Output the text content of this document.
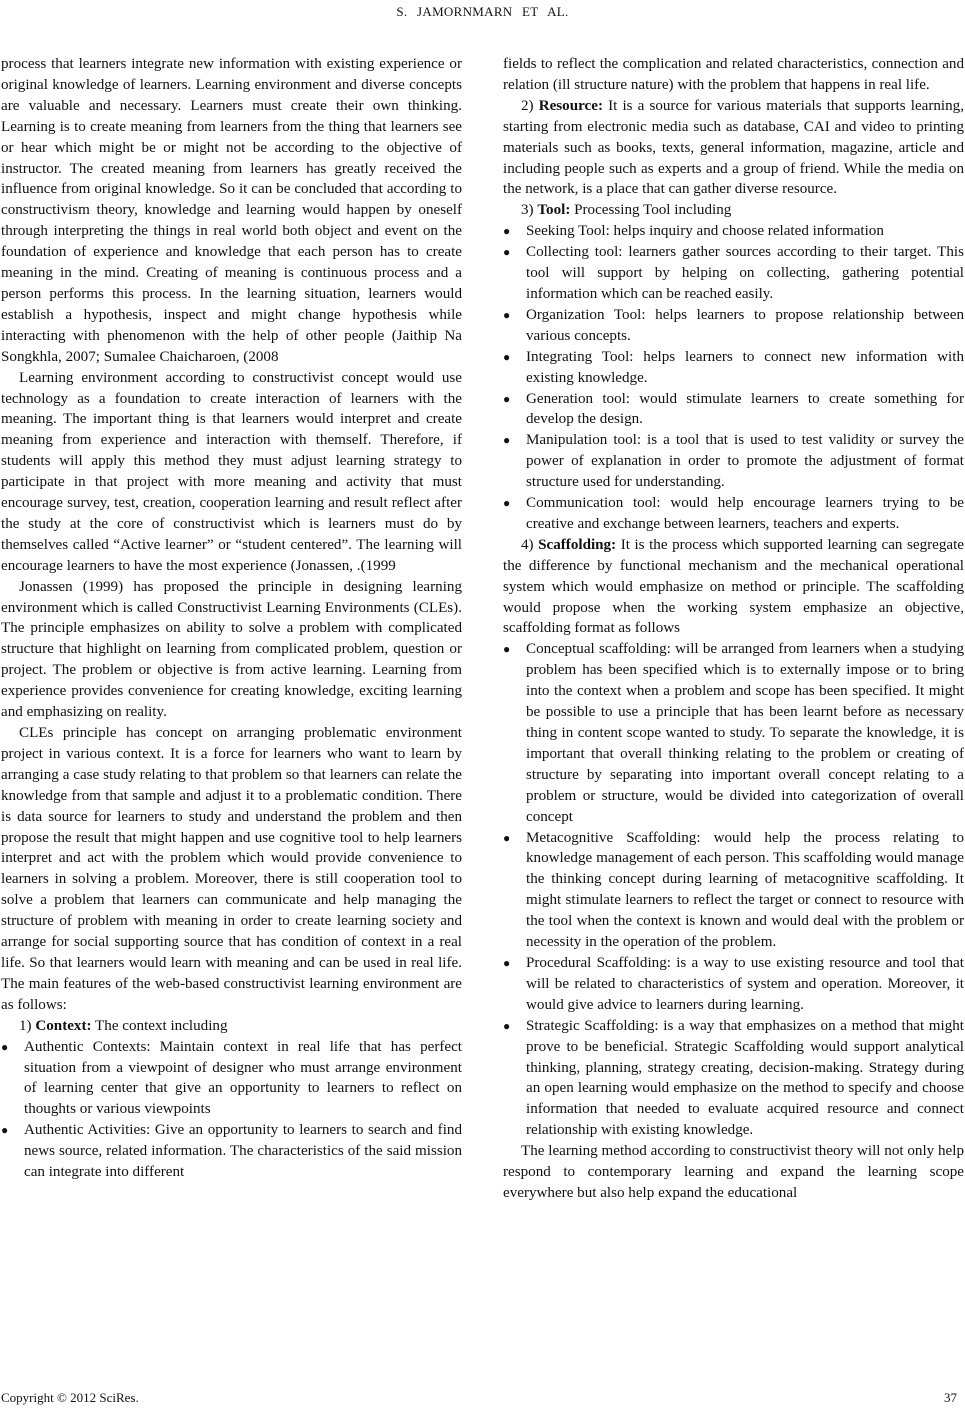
S. JAMORNMARN ET AL.

process that learners integrate new information with existing experience or original knowledge of learners. Learning environment and diverse concepts are valuable and necessary. Learners must create their own thinking. Learning is to create meaning from learners from the thing that learners see or hear which might be or might not be according to the objective of instructor. The created meaning from learners has greatly received the influence from original knowledge. So it can be concluded that according to constructivism theory, knowledge and learning would happen by oneself through interpreting the things in real world both object and event on the foundation of experience and knowledge that each person has to create meaning in the mind. Creating of meaning is continuous process and a person performs this process. In the learning situation, learners would establish a hypothesis, inspect and might change hypothesis while interacting with phenomenon with the help of other people (Jaithip Na Songkhla, 2007; Sumalee Chaicharoen, (2008

Learning environment according to constructivist concept would use technology as a foundation to create interaction of learners with the meaning. The important thing is that learners would interpret and create meaning from experience and interaction with themself. Therefore, if students will apply this method they must adjust learning strategy to participate in that project with more meaning and activity that must encourage survey, test, creation, cooperation learning and result reflect after the study at the core of constructivist which is learners must do by themselves called “Active learner” or “student centered”. The learning will encourage learners to have the most experience (Jonassen, .(1999

Jonassen (1999) has proposed the principle in designing learning environment which is called Constructivist Learning Environments (CLEs). The principle emphasizes on ability to solve a problem with complicated structure that highlight on learning from complicated problem, question or project. The problem or objective is from active learning. Learning from experience provides convenience for creating knowledge, exciting learning and emphasizing on reality.

CLEs principle has concept on arranging problematic environment project in various context. It is a force for learners who want to learn by arranging a case study relating to that problem so that learners can relate the knowledge from that sample and adjust it to a problematic condition. There is data source for learners to study and understand the problem and then propose the result that might happen and use cognitive tool to help learners interpret and act with the problem which would provide convenience to learners in solving a problem. Moreover, there is still cooperation tool to solve a problem that learners can communicate and help managing the structure of problem with meaning in order to create learning society and arrange for social supporting source that has condition of context in a real life. So that learners would learn with meaning and can be used in real life. The main features of the web-based constructivist learning environment are as follows:

1) Context: The context including

● Authentic Contexts: Maintain context in real life that has perfect situation from a viewpoint of designer who must arrange environment of learning center that give an opportunity to learners to reflect on thoughts or various viewpoints
● Authentic Activities: Give an opportunity to learners to search and find news source, related information. The characteristics of the said mission can integrate into different

fields to reflect the complication and related characteristics, connection and relation (ill structure nature) with the problem that happens in real life.

2) Resource: It is a source for various materials that supports learning, starting from electronic media such as database, CAI and video to printing materials such as books, texts, general information, magazine, article and including people such as experts and a group of friend. While the media on the network, is a place that can gather diverse resource.

3) Tool: Processing Tool including

● Seeking Tool: helps inquiry and choose related information
● Collecting tool: learners gather sources according to their target. This tool will support by helping on collecting, gathering potential information which can be reached easily.
● Organization Tool: helps learners to propose relationship between various concepts.
● Integrating Tool: helps learners to connect new information with existing knowledge.
● Generation tool: would stimulate learners to create something for develop the design.
● Manipulation tool: is a tool that is used to test validity or survey the power of explanation in order to promote the adjustment of format structure used for understanding.
● Communication tool: would help encourage learners trying to be creative and exchange between learners, teachers and experts.

4) Scaffolding: It is the process which supported learning can segregate the difference by functional mechanism and the mechanical operational system which would emphasize on method or principle. The scaffolding would propose when the working system emphasize an objective, scaffolding format as follows

● Conceptual scaffolding: will be arranged from learners when a studying problem has been specified which is to externally impose or to bring into the context when a problem and scope has been specified. It might be possible to use a principle that has been learnt before as necessary thing in content scope wanted to study. To separate the knowledge, it is important that overall thinking relating to the problem or creating of structure by separating into important overall concept relating to a problem or structure, would be divided into categorization of overall concept
● Metacognitive Scaffolding: would help the process relating to knowledge management of each person. This scaffolding would manage the thinking concept during learning of metacognitive scaffolding. It might stimulate learners to reflect the target or connect to resource with the tool when the context is known and would deal with the problem or necessity in the operation of the problem.
● Procedural Scaffolding: is a way to use existing resource and tool that will be related to characteristics of system and operation. Moreover, it would give advice to learners during learning.
● Strategic Scaffolding: is a way that emphasizes on a method that might prove to be beneficial. Strategic Scaffolding would support analytical thinking, planning, strategy creating, decision-making. Strategy during an open learning would emphasize on the method to specify and choose information that needed to evaluate acquired resource and connect relationship with existing knowledge.

The learning method according to constructivist theory will not only help respond to contemporary learning and expand the learning scope everywhere but also help expand the educational

Copyright © 2012 SciRes.	37
